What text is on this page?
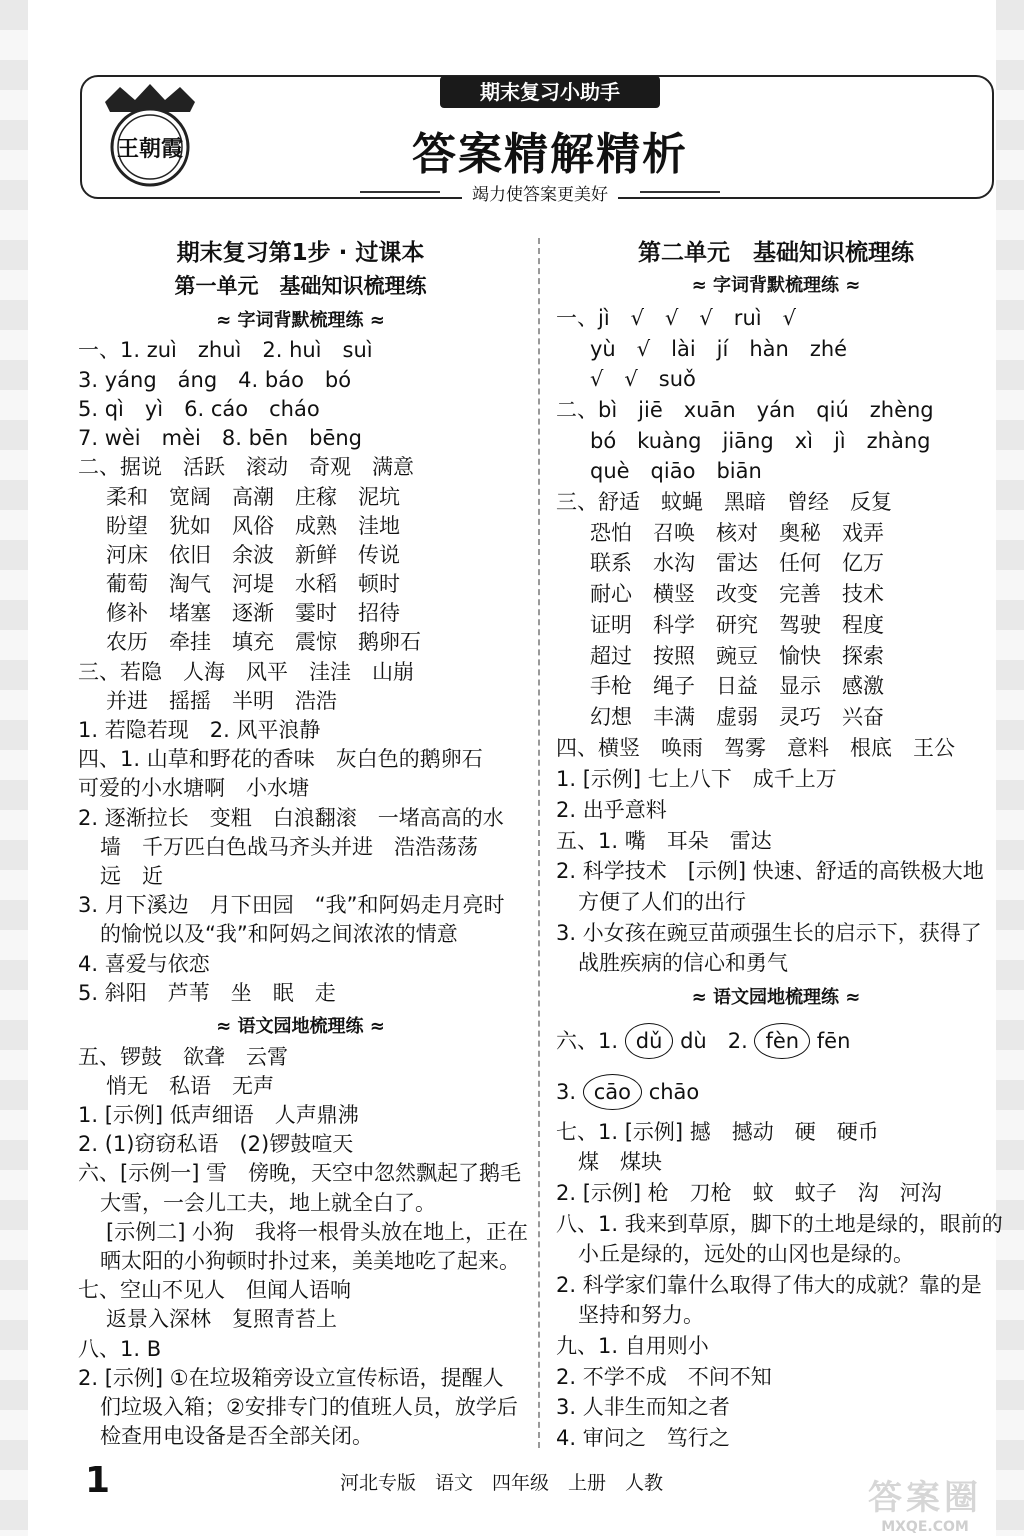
王朝霞
期末复习小助手
答案精解精析
竭力使答案更美好
期末复习第1步 · 过课本
第一单元　基础知识梳理练
≈ 字词背默梳理练 ≈
一、1. zuì　zhuì　2. huì　suì
3. yáng　áng　4. báo　bó
5. qì　yì　6. cáo　cháo
7. wèi　mèi　8. bēn　bēng
二、据说　活跃　滚动　奇观　满意
柔和　宽阔　高潮　庄稼　泥坑
盼望　犹如　风俗　成熟　洼地
河床　依旧　余波　新鲜　传说
葡萄　淘气　河堤　水稻　顿时
修补　堵塞　逐渐　霎时　招待
农历　牵挂　填充　震惊　鹅卵石
三、若隐　人海　风平　洼洼　山崩
并进　摇摇　半明　浩浩
1. 若隐若现　2. 风平浪静
四、1. 山草和野花的香味　灰白色的鹅卵石
可爱的小水塘啊　小水塘
2. 逐渐拉长　变粗　白浪翻滚　一堵高高的水
墙　千万匹白色战马齐头并进　浩浩荡荡
远　近
3. 月下溪边　月下田园　“我”和阿妈走月亮时
的愉悦以及“我”和阿妈之间浓浓的情意
4. 喜爱与依恋
5. 斜阳　芦苇　坐　眠　走
≈ 语文园地梳理练 ≈
五、锣鼓　欲聋　云霄
悄无　私语　无声
1. [示例] 低声细语　人声鼎沸
2. (1)窃窃私语　(2)锣鼓喧天
六、[示例一] 雪　傍晚，天空中忽然飘起了鹅毛
大雪，一会儿工夫，地上就全白了。
[示例二] 小狗　我将一根骨头放在地上，正在
晒太阳的小狗顿时扑过来，美美地吃了起来。
七、空山不见人　但闻人语响
返景入深林　复照青苔上
八、1. B
2. [示例] ①在垃圾箱旁设立宣传标语，提醒人
们垃圾入箱；②安排专门的值班人员，放学后
检查用电设备是否全部关闭。
第二单元　基础知识梳理练
≈ 字词背默梳理练 ≈
一、jì　√　√　√　ruì　√
yù　√　lài　jí　hàn　zhé
√　√　suǒ
二、bì　jiē　xuān　yán　qiú　zhèng
bó　kuàng　jiāng　xì　jì　zhàng
què　qiāo　biān
三、舒适　蚊蝇　黑暗　曾经　反复
恐怕　召唤　核对　奥秘　戏弄
联系　水沟　雷达　任何　亿万
耐心　横竖　改变　完善　技术
证明　科学　研究　驾驶　程度
超过　按照　豌豆　愉快　探索
手枪　绳子　日益　显示　感激
幻想　丰满　虚弱　灵巧　兴奋
四、横竖　唤雨　驾雾　意料　根底　王公
1. [示例] 七上八下　成千上万
2. 出乎意料
五、1. 嘴　耳朵　雷达
2. 科学技术　[示例] 快速、舒适的高铁极大地
方便了人们的出行
3. 小女孩在豌豆苗顽强生长的启示下，获得了
战胜疾病的信心和勇气
≈ 语文园地梳理练 ≈
六、1. dǔ dù　2. fèn fēn
3. cāo chāo
七、1. [示例] 撼　撼动　硬　硬币
煤　煤块
2. [示例] 枪　刀枪　蚊　蚊子　沟　河沟
八、1. 我来到草原，脚下的土地是绿的，眼前的
小丘是绿的，远处的山冈也是绿的。
2. 科学家们靠什么取得了伟大的成就？靠的是
坚持和努力。
九、1. 自用则小
2. 不学不成　不问不知
3. 人非生而知之者
4. 审问之　笃行之
1	河北专版　语文　四年级　上册　人教	答案圈
MXQE.COM
